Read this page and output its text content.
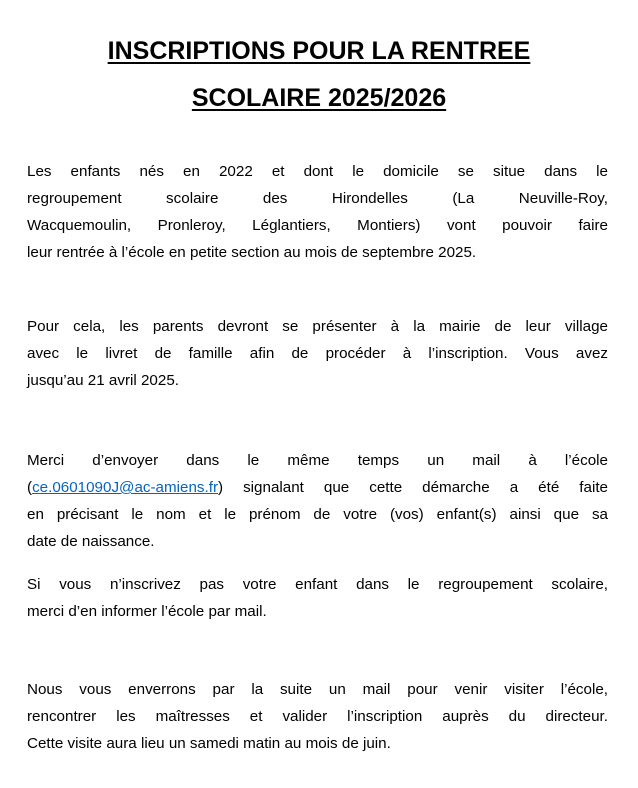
INSCRIPTIONS POUR LA RENTREE
SCOLAIRE 2025/2026

Les enfants nés en 2022 et dont le domicile se situe dans le
regroupement scolaire des Hirondelles (La Neuville-Roy,
Wacquemoulin, Pronleroy, Léglantiers, Montiers) vont pouvoir faire
leur rentrée à l’école en petite section au mois de septembre 2025.

Pour cela, les parents devront se présenter à la mairie de leur village
avec le livret de famille afin de procéder à l’inscription. Vous avez
jusqu’au 21 avril 2025.

Merci d’envoyer dans le même temps un mail à l’école
(ce.0601090J@ac-amiens.fr) signalant que cette démarche a été faite
en précisant le nom et le prénom de votre (vos) enfant(s) ainsi que sa
date de naissance.

Si vous n’inscrivez pas votre enfant dans le regroupement scolaire,
merci d’en informer l’école par mail.

Nous vous enverrons par la suite un mail pour venir visiter l’école,
rencontrer les maîtresses et valider l’inscription auprès du directeur.
Cette visite aura lieu un samedi matin au mois de juin.
